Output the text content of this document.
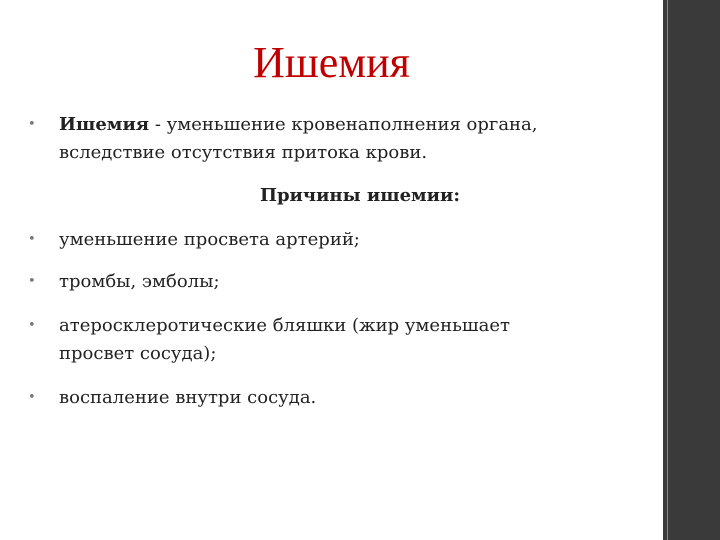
Ишемия
•	Ишемия - уменьшение кровенаполнения органа,
вследствие отсутствия притока крови.
Причины ишемии:
•	уменьшение просвета артерий;
•	тромбы, эмболы;
•	атеросклеротические бляшки (жир уменьшает
просвет сосуда);
•	воспаление внутри сосуда.
